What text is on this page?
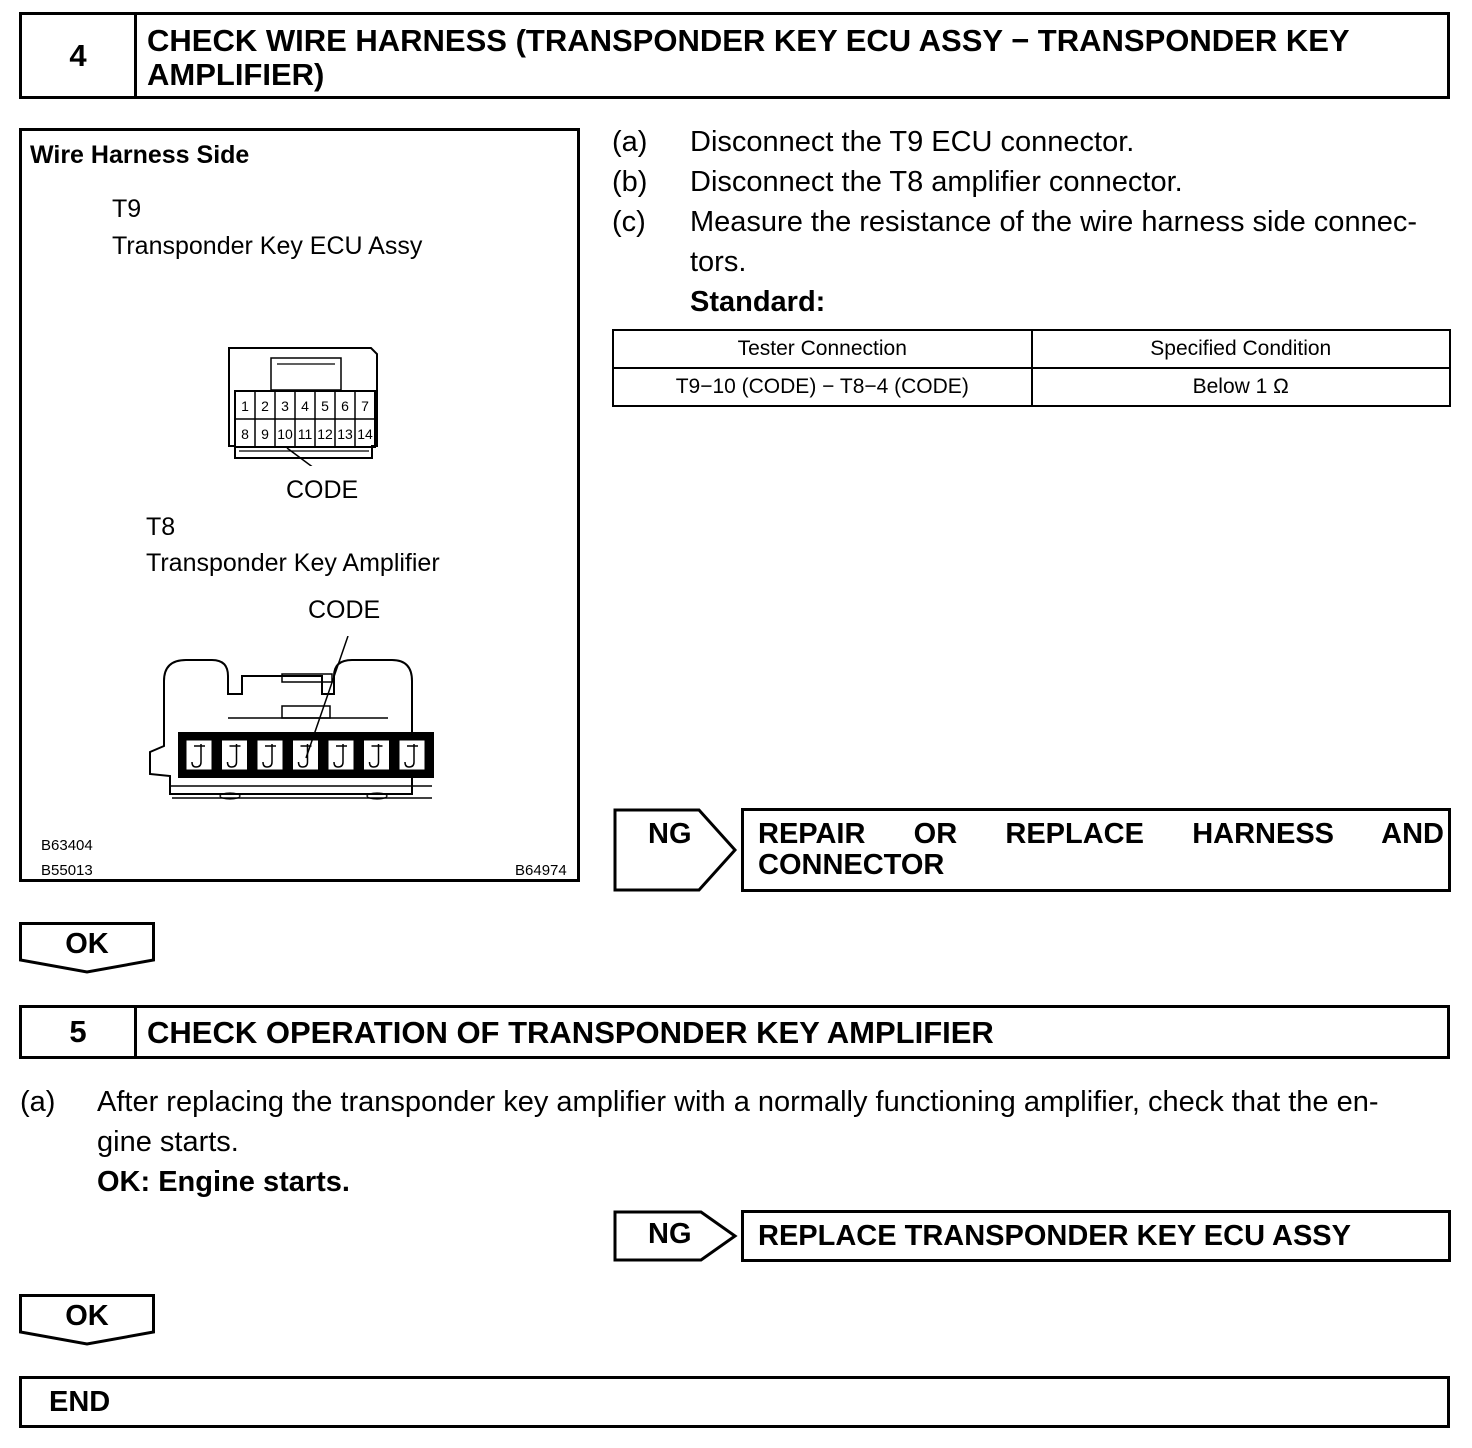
4	CHECK WIRE HARNESS (TRANSPONDER KEY ECU ASSY − TRANSPONDER KEY AMPLIFIER)
Wire Harness Side
T9
Transponder Key ECU Assy
1 2 3 4 5 6 7
8 9 10 11 12 13 14
CODE
T8
Transponder Key Amplifier
CODE
B63404
B55013	B64974
(a) Disconnect the T9 ECU connector.
(b) Disconnect the T8 amplifier connector.
(c) Measure the resistance of the wire harness side connec-
tors.
Standard:
Tester Connection	Specified Condition
T9−10 (CODE) − T8−4 (CODE)	Below 1 Ω
NG REPAIR OR REPLACE HARNESS AND
CONNECTOR
OK
5	CHECK OPERATION OF TRANSPONDER KEY AMPLIFIER
(a) After replacing the transponder key amplifier with a normally functioning amplifier, check that the en-
gine starts.
OK: Engine starts.
NG REPLACE TRANSPONDER KEY ECU ASSY
OK
END
